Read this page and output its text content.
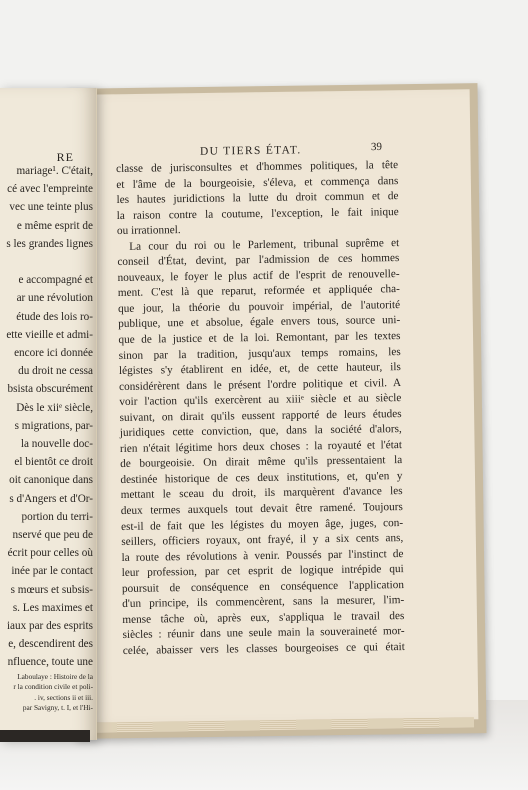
DU TIERS ÉTAT.	39
classe de jurisconsultes et d'hommes politiques, la tête
et l'âme de la bourgeoisie, s'éleva, et commença dans
les hautes juridictions la lutte du droit commun et de
la raison contre la coutume, l'exception, le fait inique
ou irrationnel.
La cour du roi ou le Parlement, tribunal suprême et
conseil d'État, devint, par l'admission de ces hommes
nouveaux, le foyer le plus actif de l'esprit de renouvelle-
ment. C'est là que reparut, reformée et appliquée cha-
que jour, la théorie du pouvoir impérial, de l'autorité
publique, une et absolue, égale envers tous, source uni-
que de la justice et de la loi. Remontant, par les textes
sinon par la tradition, jusqu'aux temps romains, les
légistes s'y établirent en idée, et, de cette hauteur, ils
considérèrent dans le présent l'ordre politique et civil. A
voir l'action qu'ils exercèrent au xiiiᵉ siècle et au siècle
suivant, on dirait qu'ils eussent rapporté de leurs études
juridiques cette conviction, que, dans la société d'alors,
rien n'était légitime hors deux choses : la royauté et l'état
de bourgeoisie. On dirait même qu'ils pressentaient la
destinée historique de ces deux institutions, et, qu'en y
mettant le sceau du droit, ils marquèrent d'avance les
deux termes auxquels tout devait être ramené. Toujours
est-il de fait que les légistes du moyen âge, juges, con-
seillers, officiers royaux, ont frayé, il y a six cents ans,
la route des révolutions à venir. Poussés par l'instinct de
leur profession, par cet esprit de logique intrépide qui
poursuit de conséquence en conséquence l'application
d'un principe, ils commencèrent, sans la mesurer, l'im-
mense tâche où, après eux, s'appliqua le travail des
siècles : réunir dans une seule main la souveraineté mor-
celée, abaisser vers les classes bourgeoises ce qui était
RE
mariage¹. C'était,
cé avec l'empreinte
vec une teinte plus
e même esprit de
s les grandes lignes

e accompagné et
ar une révolution
étude des lois ro-
ette vieille et admi-
encore ici donnée
du droit ne cessa
bsista obscurément
Dès le xiiᵉ siècle,
s migrations, par-
la nouvelle doc-
el bientôt ce droit
oit canonique dans
s d'Angers et d'Or-
portion du terri-
nservé que peu de
écrit pour celles où
inée par le contact
s mœurs et subsis-
s. Les maximes et
iaux par des esprits
e, descendirent des
nfluence, toute une
Laboulaye : Histoire de la
r la condition civile et poli-
. iv, sections ii et iii.
par Savigny, t. I, et l'Hi-
